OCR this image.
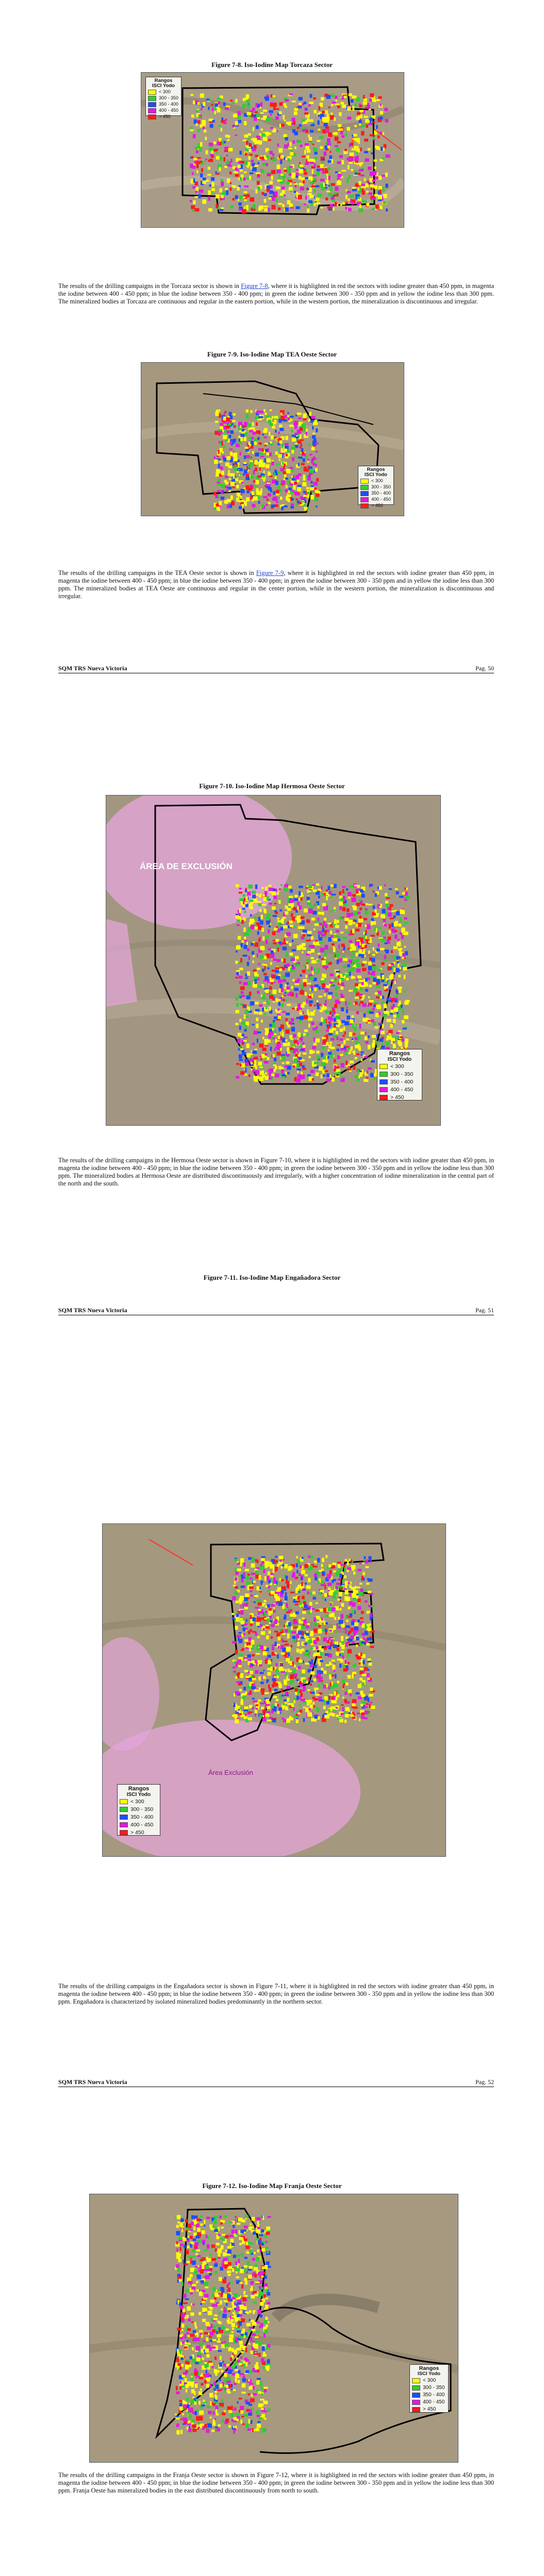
Figure 7-8. Iso-Iodine Map Torcaza Sector
Rangos
ISCI Yodo
< 300
300 - 350
350 - 400
400 - 450
> 450
The results of the drilling campaigns in the Torcaza sector is shown in Figure 7-8, where it is highlighted in red the sectors with iodine greater than 450 ppm, in magenta the iodine between 400 - 450 ppm; in blue the iodine between 350 - 400 ppm; in green the iodine between 300 - 350 ppm and in yellow the iodine less than 300 ppm. The mineralized bodies at Torcaza are continuous and regular in the eastern portion, while in the western portion, the mineralization is discontinuous and irregular.
Figure 7-9. Iso-Iodine Map TEA Oeste Sector
Rangos
ISCI Yodo
< 300
300 - 350
350 - 400
400 - 450
> 450
The results of the drilling campaigns in the TEA Oeste sector is shown in Figure 7-9, where it is highlighted in red the sectors with iodine greater than 450 ppm, in magenta the iodine between 400 - 450 ppm; in blue the iodine between 350 - 400 ppm; in green the iodine between 300 - 350 ppm and in yellow the iodine less than 300 ppm. The mineralized bodies at TEA Oeste are continuous and regular in the center portion, while in the western portion, the mineralization is discontinuous and irregular.
SQM TRS Nueva Victoria	Pag. 50
Figure 7-10. Iso-Iodine Map Hermosa Oeste Sector
ÁREA DE EXCLUSIÓN
Rangos
ISCI Yodo
< 300
300 - 350
350 - 400
400 - 450
> 450
The results of the drilling campaigns in the Hermosa Oeste sector is shown in Figure 7-10, where it is highlighted in red the sectors with iodine greater than 450 ppm, in magenta the iodine between 400 - 450 ppm; in blue the iodine between 350 - 400 ppm; in green the iodine between 300 - 350 ppm and in yellow the iodine less than 300 ppm. The mineralized bodies at Hermosa Oeste are distributed discontinuously and irregularly, with a higher concentration of iodine mineralization in the central part of the north and the south.
Figure 7-11. Iso-Iodine Map Engañadora Sector
SQM TRS Nueva Victoria	Pag. 51
Área Exclusión
Rangos
ISCI Yodo
< 300
300 - 350
350 - 400
400 - 450
> 450
The results of the drilling campaigns in the Engañadora sector is shown in Figure 7-11, where it is highlighted in red the sectors with iodine greater than 450 ppm, in magenta the iodine between 400 - 450 ppm; in blue the iodine between 350 - 400 ppm; in green the iodine between 300 - 350 ppm and in yellow the iodine less than 300 ppm. Engañadora is characterized by isolated mineralized bodies predominantly in the northern sector.
SQM TRS Nueva Victoria	Pag. 52
Figure 7-12. Iso-Iodine Map Franja Oeste Sector
Rangos
ISCI Yodo
< 300
300 - 350
350 - 400
400 - 450
> 450
The results of the drilling campaigns in the Franja Oeste sector is shown in Figure 7-12, where it is highlighted in red the sectors with iodine greater than 450 ppm, in magenta the iodine between 400 - 450 ppm; in blue the iodine between 350 - 400 ppm; in green the iodine between 300 - 350 ppm and in yellow the iodine less than 300 ppm. Franja Oeste has mineralized bodies in the east distributed discontinuously from north to south.
